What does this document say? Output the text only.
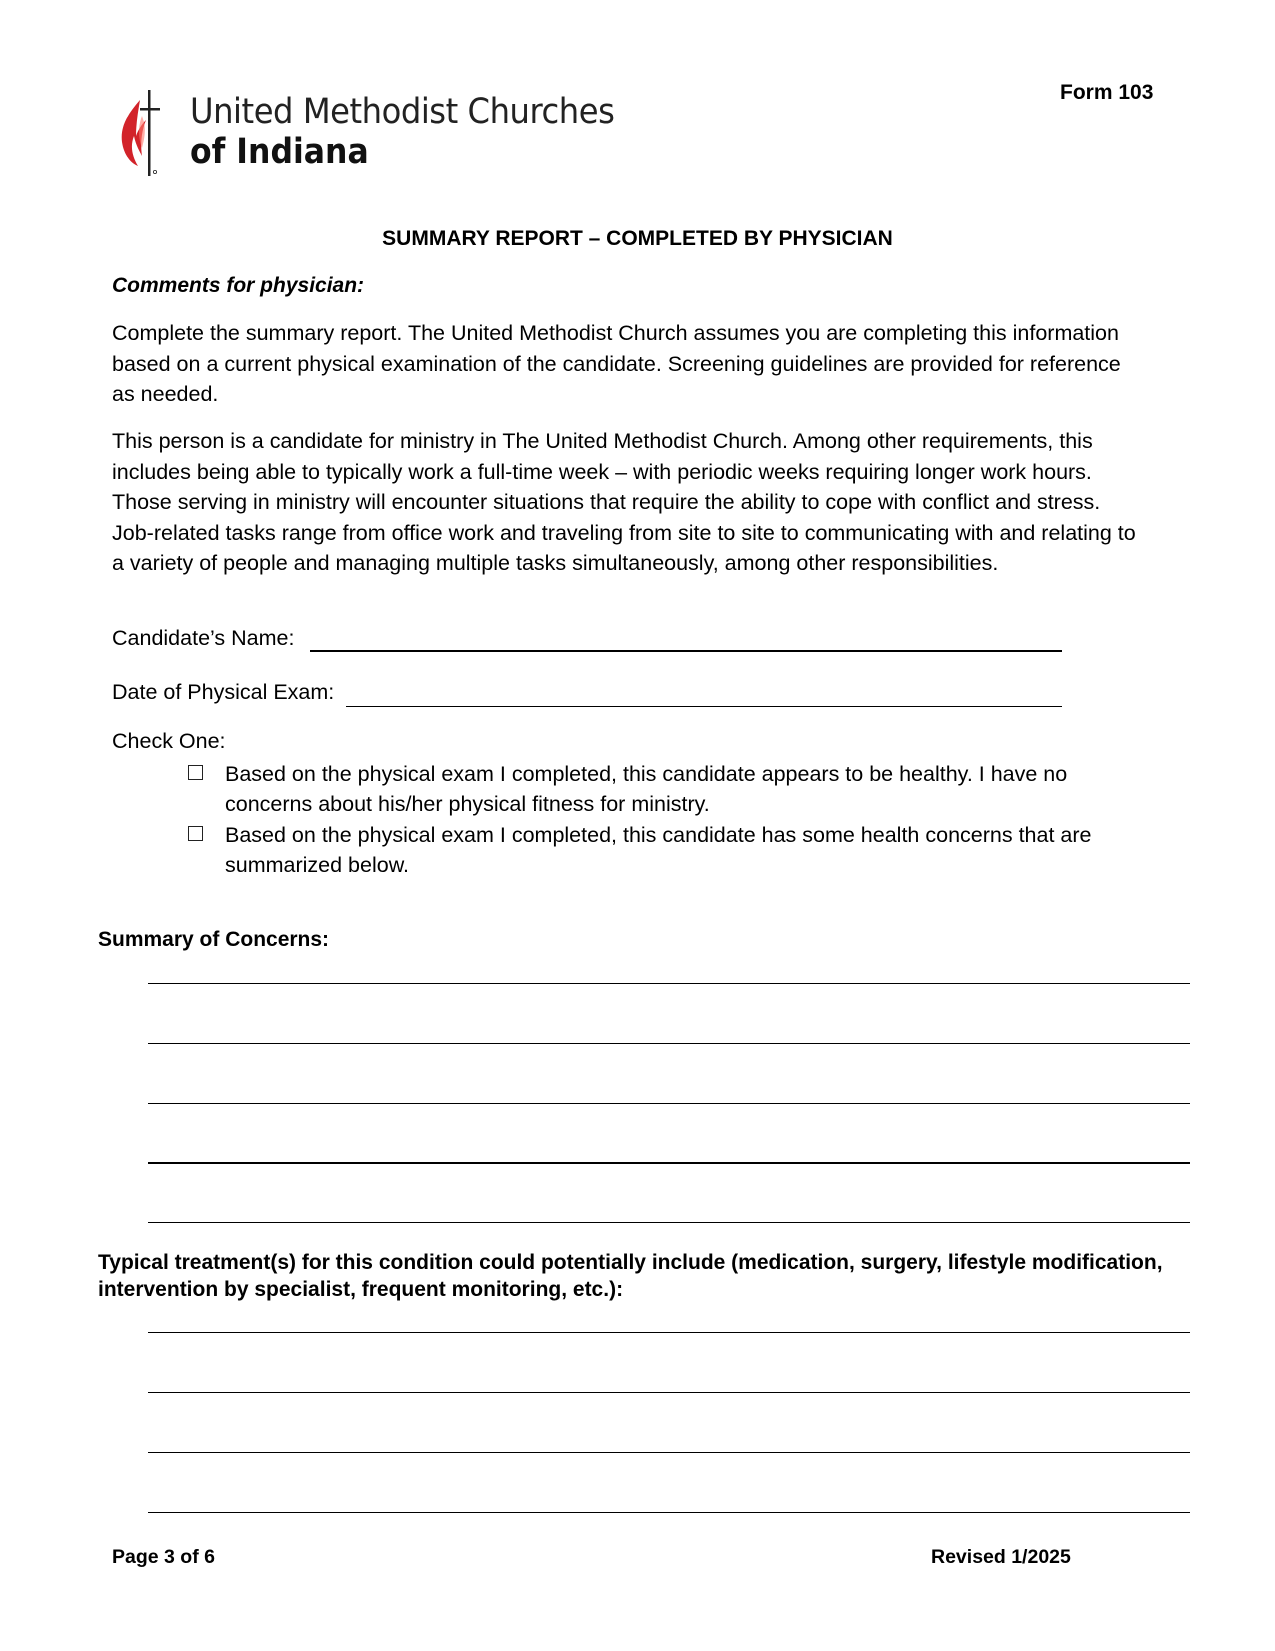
United Methodist Churches
of Indiana
Form 103
SUMMARY REPORT – COMPLETED BY PHYSICIAN
Comments for physician:
Complete the summary report. The United Methodist Church assumes you are completing this information based on a current physical examination of the candidate. Screening guidelines are provided for reference as needed.
This person is a candidate for ministry in The United Methodist Church. Among other requirements, this includes being able to typically work a full-time week – with periodic weeks requiring longer work hours. Those serving in ministry will encounter situations that require the ability to cope with conflict and stress. Job-related tasks range from office work and traveling from site to site to communicating with and relating to a variety of people and managing multiple tasks simultaneously, among other responsibilities.
Candidate’s Name:
Date of Physical Exam:
Check One:
Based on the physical exam I completed, this candidate appears to be healthy. I have no concerns about his/her physical fitness for ministry.
Based on the physical exam I completed, this candidate has some health concerns that are summarized below.
Summary of Concerns:
Typical treatment(s) for this condition could potentially include (medication, surgery, lifestyle modification, intervention by specialist, frequent monitoring, etc.):
Page 3 of 6	Revised 1/2025
